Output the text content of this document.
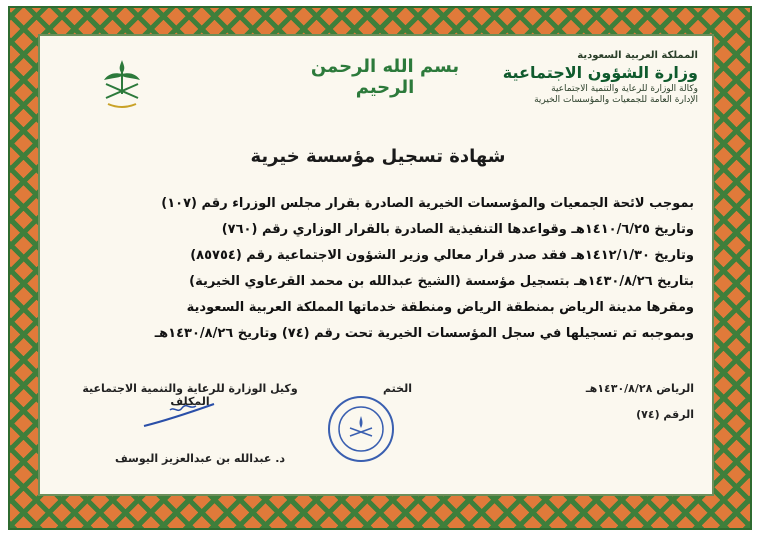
المملكة العربية السعودية
وزارة الشؤون الاجتماعية
وكالة الوزارة للرعاية والتنمية الاجتماعية
الإدارة العامة للجمعيات والمؤسسات الخيرية
بسم الله الرحمن الرحيم
شهادة تسجيل مؤسسة خيرية
بموجب لائحة الجمعيات والمؤسسات الخيرية الصادرة بقرار مجلس الوزراء رقم (١٠٧)
وتاريخ ١٤١٠/٦/٢٥هـ وقواعدها التنفيذية الصادرة بالقرار الوزاري رقم (٧٦٠)
وتاريخ ١٤١٢/١/٣٠هـ فقد صدر قرار معالي وزير الشؤون الاجتماعية رقم (٨٥٧٥٤)
بتاريخ ١٤٣٠/٨/٢٦هـ بتسجيل مؤسسة (الشيخ عبدالله بن محمد القرعاوي الخيرية)
ومقرها مدينة الرياض بمنطقة الرياض ومنطقة خدماتها المملكة العربية السعودية
وبموجبه تم تسجيلها في سجل المؤسسات الخيرية تحت رقم (٧٤) وتاريخ ١٤٣٠/٨/٢٦هـ
الرياض ١٤٣٠/٨/٢٨هـ
الرقم (٧٤)
الختم
وكيل الوزارة للرعاية والتنمية الاجتماعية المكلف
د. عبدالله بن عبدالعزيز اليوسف
